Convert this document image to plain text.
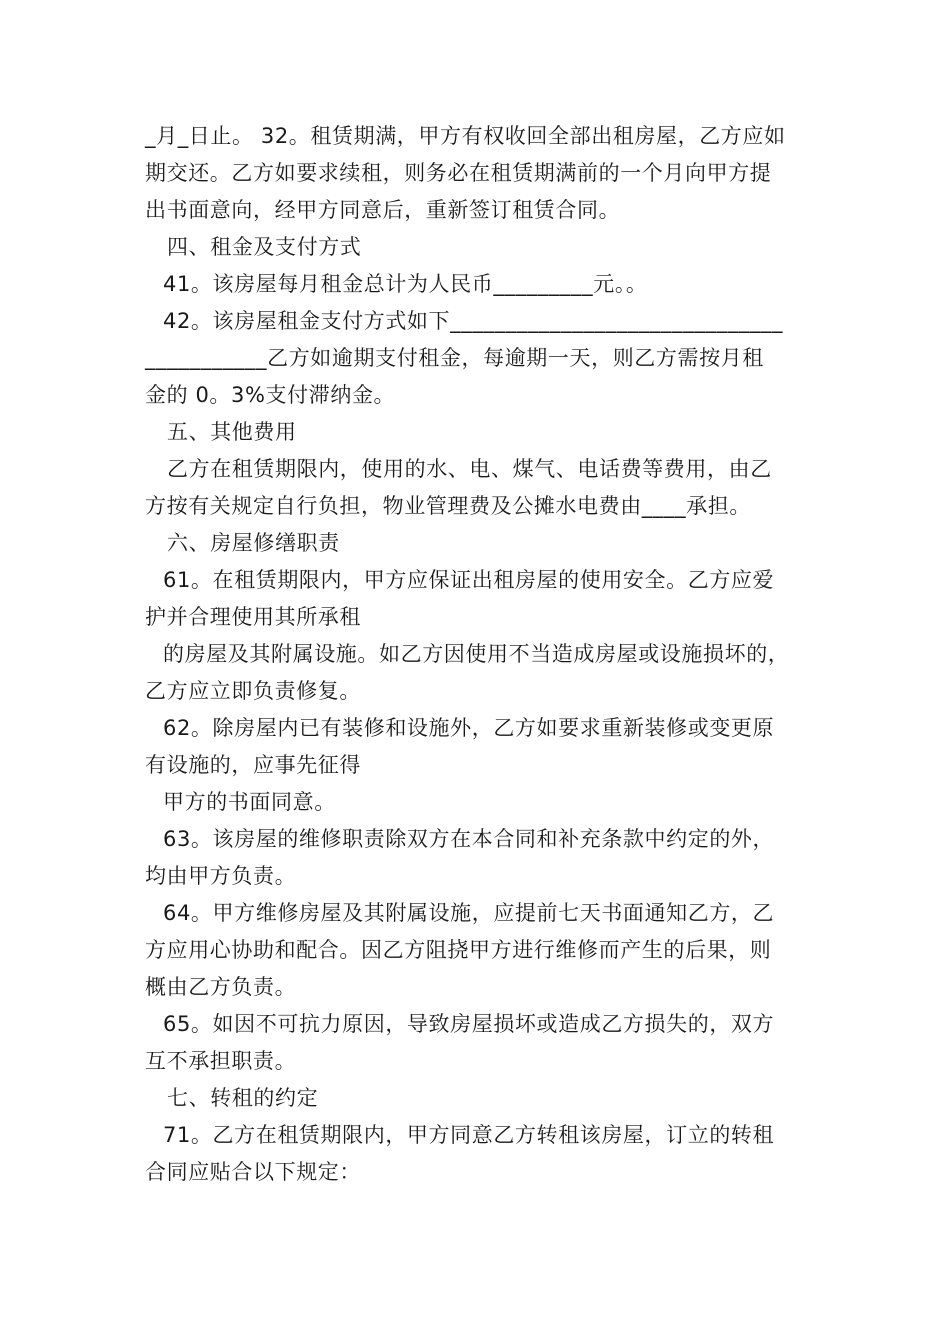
_月_日止。 32。租赁期满，甲方有权收回全部出租房屋，乙方应如
期交还。乙方如要求续租，则务必在租赁期满前的一个月向甲方提
出书面意向，经甲方同意后，重新签订租赁合同。
四、租金及支付方式
41。该房屋每月租金总计为人民币_________元。。
42。该房屋租金支付方式如下______________________________
___________乙方如逾期支付租金，每逾期一天，则乙方需按月租
金的 0。3%支付滞纳金。
五、其他费用
乙方在租赁期限内，使用的水、电、煤气、电话费等费用，由乙
方按有关规定自行负担，物业管理费及公摊水电费由____承担。
六、房屋修缮职责
61。在租赁期限内，甲方应保证出租房屋的使用安全。乙方应爱
护并合理使用其所承租
的房屋及其附属设施。如乙方因使用不当造成房屋或设施损坏的，
乙方应立即负责修复。
62。除房屋内已有装修和设施外，乙方如要求重新装修或变更原
有设施的，应事先征得
甲方的书面同意。
63。该房屋的维修职责除双方在本合同和补充条款中约定的外，
均由甲方负责。
64。甲方维修房屋及其附属设施，应提前七天书面通知乙方，乙
方应用心协助和配合。因乙方阻挠甲方进行维修而产生的后果，则
概由乙方负责。
65。如因不可抗力原因，导致房屋损坏或造成乙方损失的，双方
互不承担职责。
七、转租的约定
71。乙方在租赁期限内，甲方同意乙方转租该房屋，订立的转租
合同应贴合以下规定：
